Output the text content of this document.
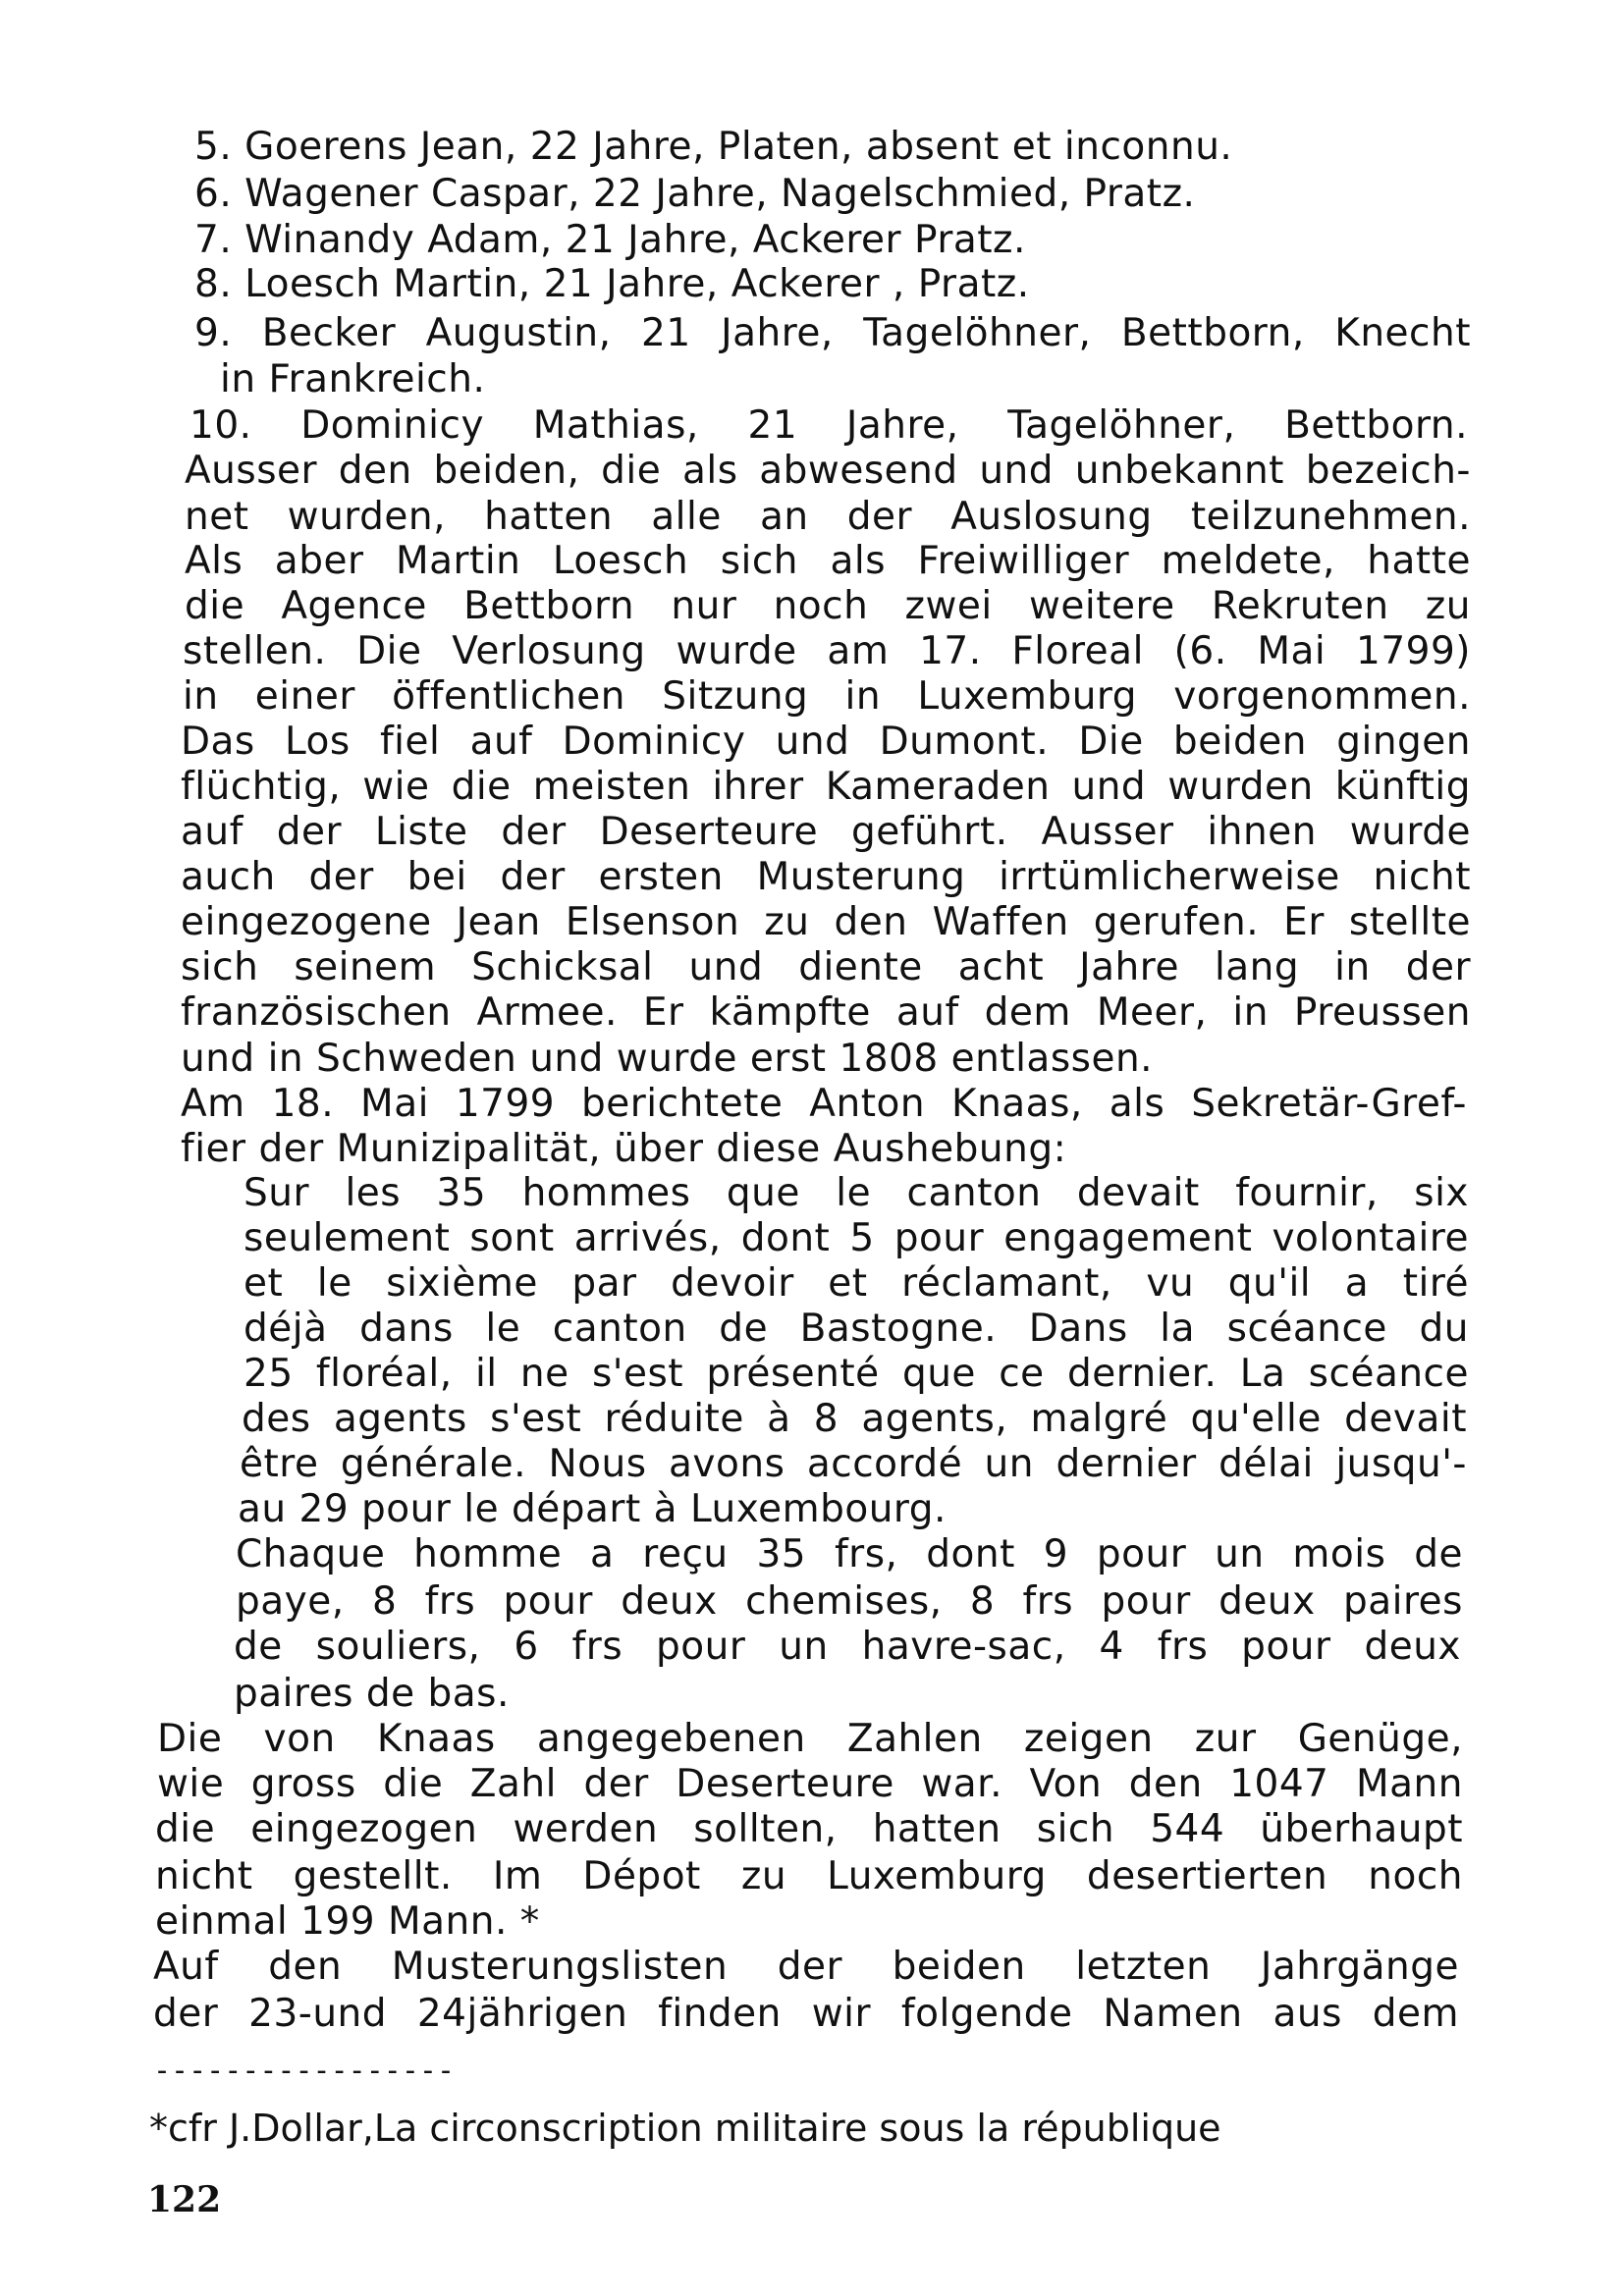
5. Goerens Jean, 22 Jahre, Platen, absent et inconnu.
6. Wagener Caspar, 22 Jahre, Nagelschmied, Pratz.
7. Winandy Adam, 21 Jahre, Ackerer Pratz.
8. Loesch Martin, 21 Jahre, Ackerer , Pratz.
9. Becker Augustin, 21 Jahre, Tagelöhner, Bettborn, Knecht
in Frankreich.
10. Dominicy Mathias, 21 Jahre, Tagelöhner, Bettborn.
Ausser den beiden, die als abwesend und unbekannt bezeich-
net wurden, hatten alle an der Auslosung teilzunehmen.
Als aber Martin Loesch sich als Freiwilliger meldete, hatte
die Agence Bettborn nur noch zwei weitere Rekruten zu
stellen. Die Verlosung wurde am 17. Floreal (6. Mai 1799)
in einer öffentlichen Sitzung in Luxemburg vorgenommen.
Das Los fiel auf Dominicy und Dumont. Die beiden gingen
flüchtig, wie die meisten ihrer Kameraden und wurden künftig
auf der Liste der Deserteure geführt. Ausser ihnen wurde
auch der bei der ersten Musterung irrtümlicherweise nicht
eingezogene Jean Elsenson zu den Waffen gerufen. Er stellte
sich seinem Schicksal und diente acht Jahre lang in der
französischen Armee. Er kämpfte auf dem Meer, in Preussen
und in Schweden und wurde erst 1808 entlassen.
Am 18. Mai 1799 berichtete Anton Knaas, als Sekretär-Gref-
fier der Munizipalität, über diese Aushebung:
Sur les 35 hommes que le canton devait fournir, six
seulement sont arrivés, dont 5 pour engagement volontaire
et le sixième par devoir et réclamant, vu qu'il a tiré
déjà dans le canton de Bastogne. Dans la scéance du
25 floréal, il ne s'est présenté que ce dernier. La scéance
des agents s'est réduite à 8 agents, malgré qu'elle devait
être générale. Nous avons accordé un dernier délai jusqu'-
au 29 pour le départ à Luxembourg.
Chaque homme a reçu 35 frs, dont 9 pour un mois de
paye, 8 frs pour deux chemises, 8 frs pour deux paires
de souliers, 6 frs pour un havre-sac, 4 frs pour deux
paires de bas.
Die von Knaas angegebenen Zahlen zeigen zur Genüge,
wie gross die Zahl der Deserteure war. Von den 1047 Mann
die eingezogen werden sollten, hatten sich 544 überhaupt
nicht gestellt. Im Dépot zu Luxemburg desertierten noch
einmal 199 Mann. *
Auf den Musterungslisten der beiden letzten Jahrgänge
der 23-und 24jährigen finden wir folgende Namen aus dem
-----------------
*cfr J.Dollar,La circonscription militaire sous la république
122
